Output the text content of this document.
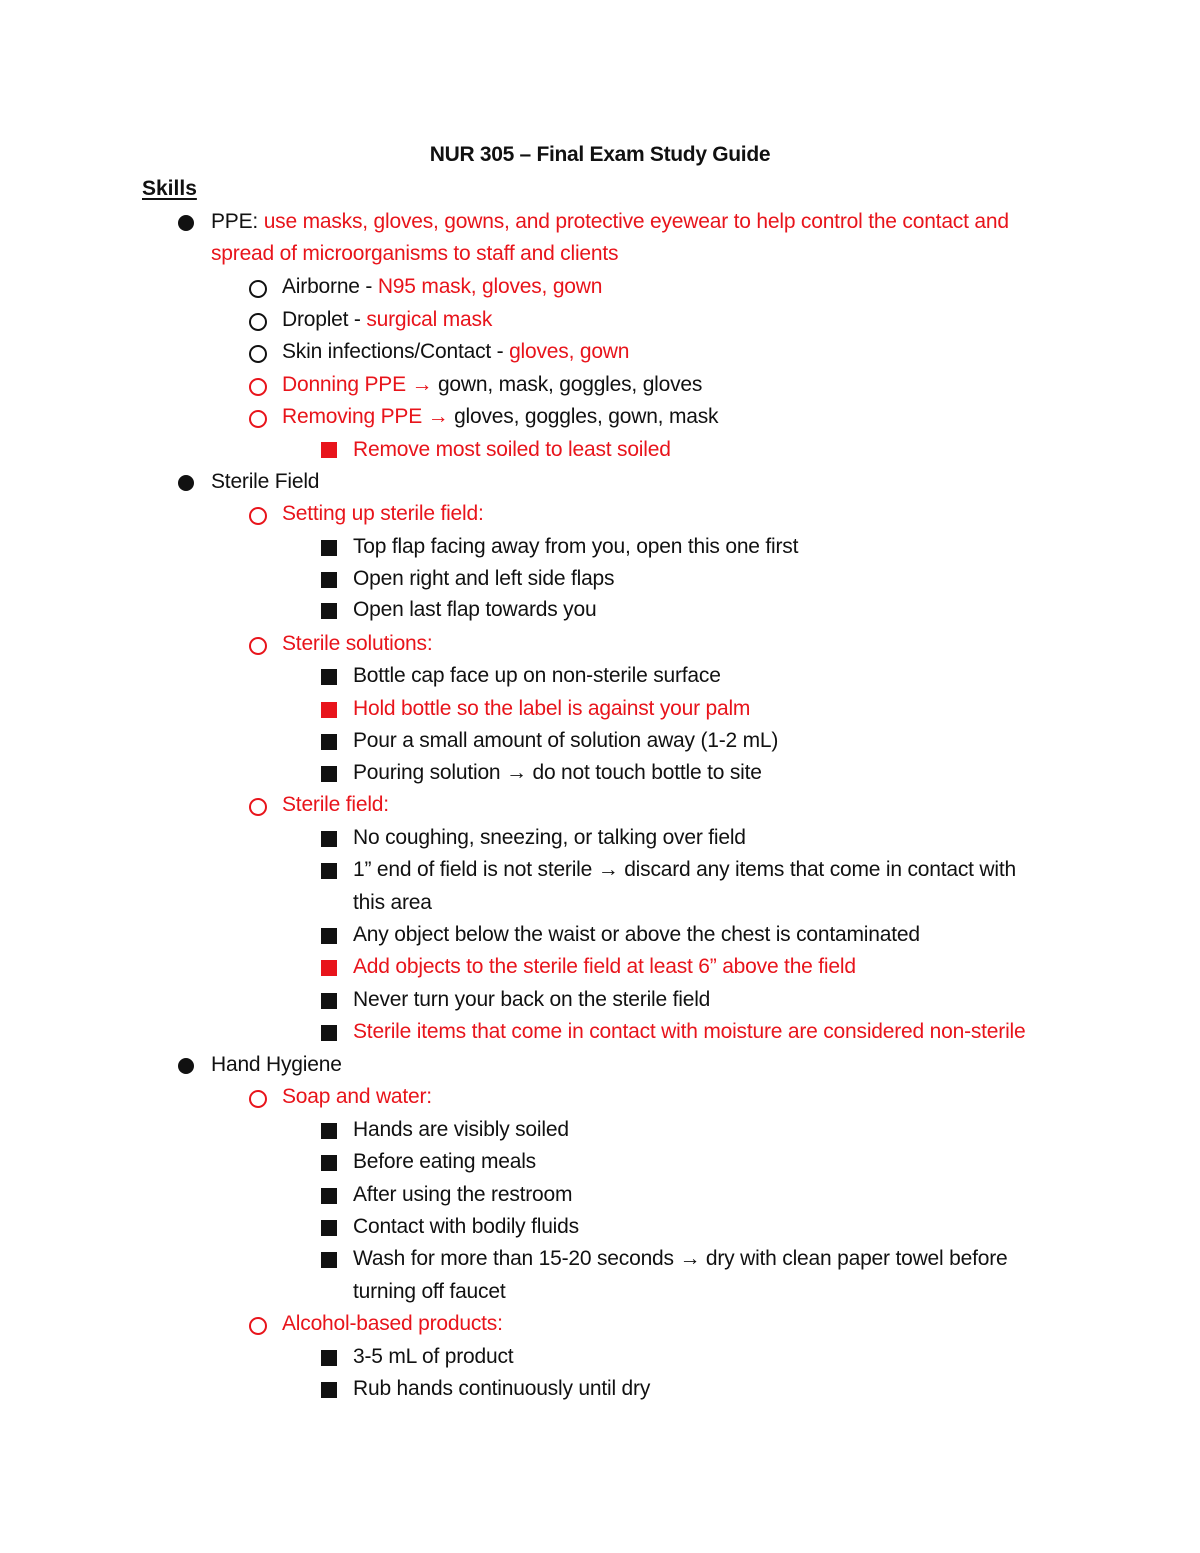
NUR 305 – Final Exam Study Guide
Skills
PPE: use masks, gloves, gowns, and protective eyewear to help control the contact and
spread of microorganisms to staff and clients
Airborne - N95 mask, gloves, gown
Droplet - surgical mask
Skin infections/Contact - gloves, gown
Donning PPE → gown, mask, goggles, gloves
Removing PPE → gloves, goggles, gown, mask
Remove most soiled to least soiled
Sterile Field
Setting up sterile field:
Top flap facing away from you, open this one first
Open right and left side flaps
Open last flap towards you
Sterile solutions:
Bottle cap face up on non-sterile surface
Hold bottle so the label is against your palm
Pour a small amount of solution away (1-2 mL)
Pouring solution → do not touch bottle to site
Sterile field:
No coughing, sneezing, or talking over field
1” end of field is not sterile → discard any items that come in contact with
this area
Any object below the waist or above the chest is contaminated
Add objects to the sterile field at least 6” above the field
Never turn your back on the sterile field
Sterile items that come in contact with moisture are considered non-sterile
Hand Hygiene
Soap and water:
Hands are visibly soiled
Before eating meals
After using the restroom
Contact with bodily fluids
Wash for more than 15-20 seconds → dry with clean paper towel before
turning off faucet
Alcohol-based products:
3-5 mL of product
Rub hands continuously until dry
